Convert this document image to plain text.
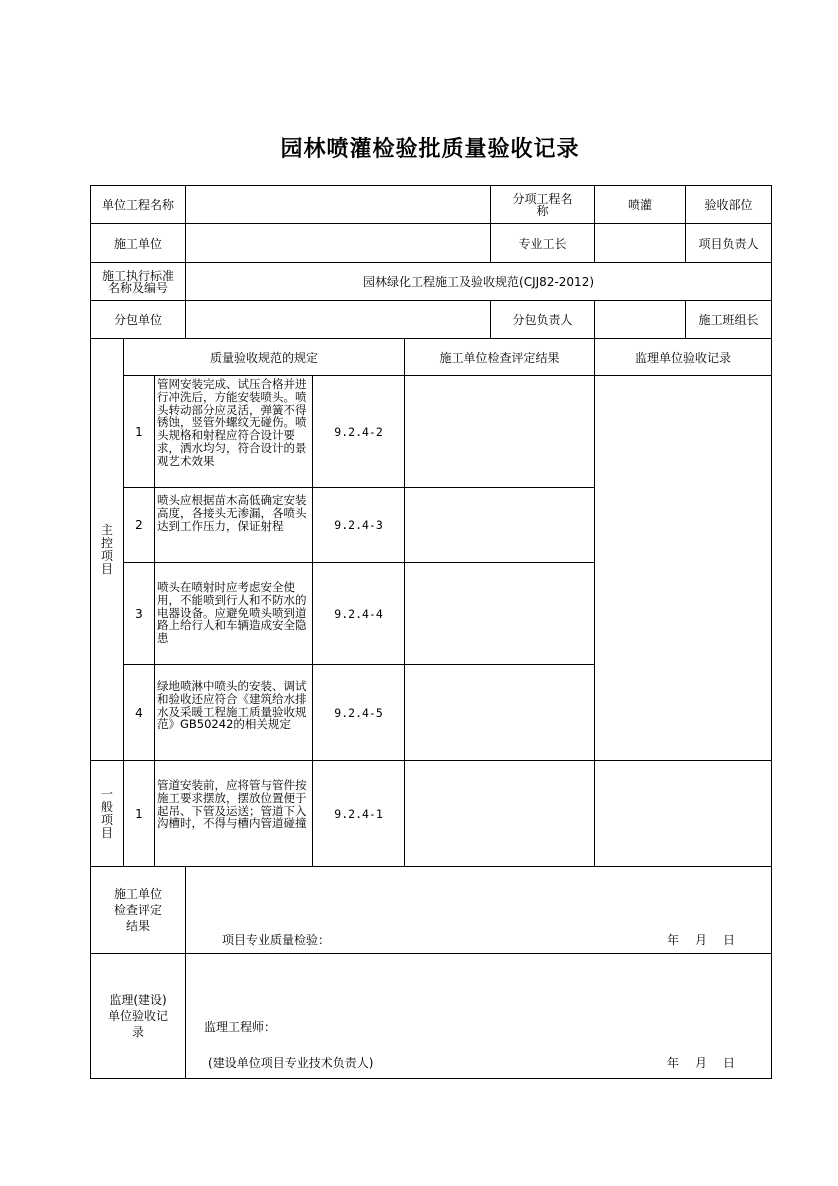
园林喷灌检验批质量验收记录
单位工程名称						分项工程名称	喷灌	验收部位
施工单位						专业工长		项目负责人
施工执行标准名称及编号			园林绿化工程施工及验收规范(CJJ82-2012)					
分包单位						分包负责人		施工班组长

主控项目	质量验收规范的规定				施工单位检查评定结果		监理单位验收记录	
	1	管网安装完成、试压合格并进行冲洗后，方能安装喷头。喷头转动部分应灵活，弹簧不得锈蚀，竖管外螺纹无碰伤。喷头规格和射程应符合设计要求，洒水均匀，符合设计的景观艺术效果		9.2.4-2				
	2	喷头应根据苗木高低确定安装高度，各接头无渗漏，各喷头达到工作压力，保证射程		9.2.4-3				
	3	喷头在喷射时应考虑安全使用，不能喷到行人和不防水的电器设备。应避免喷头喷到道路上给行人和车辆造成安全隐患		9.2.4-4				
	4	绿地喷淋中喷头的安装、调试和验收还应符合《建筑给水排水及采暖工程施工质量验收规范》GB50242的相关规定		9.2.4-5				

一般项目	1	管道安装前，应将管与管件按施工要求摆放，摆放位置便于起吊、下管及运送；管道下入沟槽时，不得与槽内管道碰撞		9.2.4-1				
施工单位检查评定结果			项目专业质量检验： 年 月 日					

监理(建设)单位验收记录			监理工程师：
(建设单位项目专业技术负责人) 年 月 日					
